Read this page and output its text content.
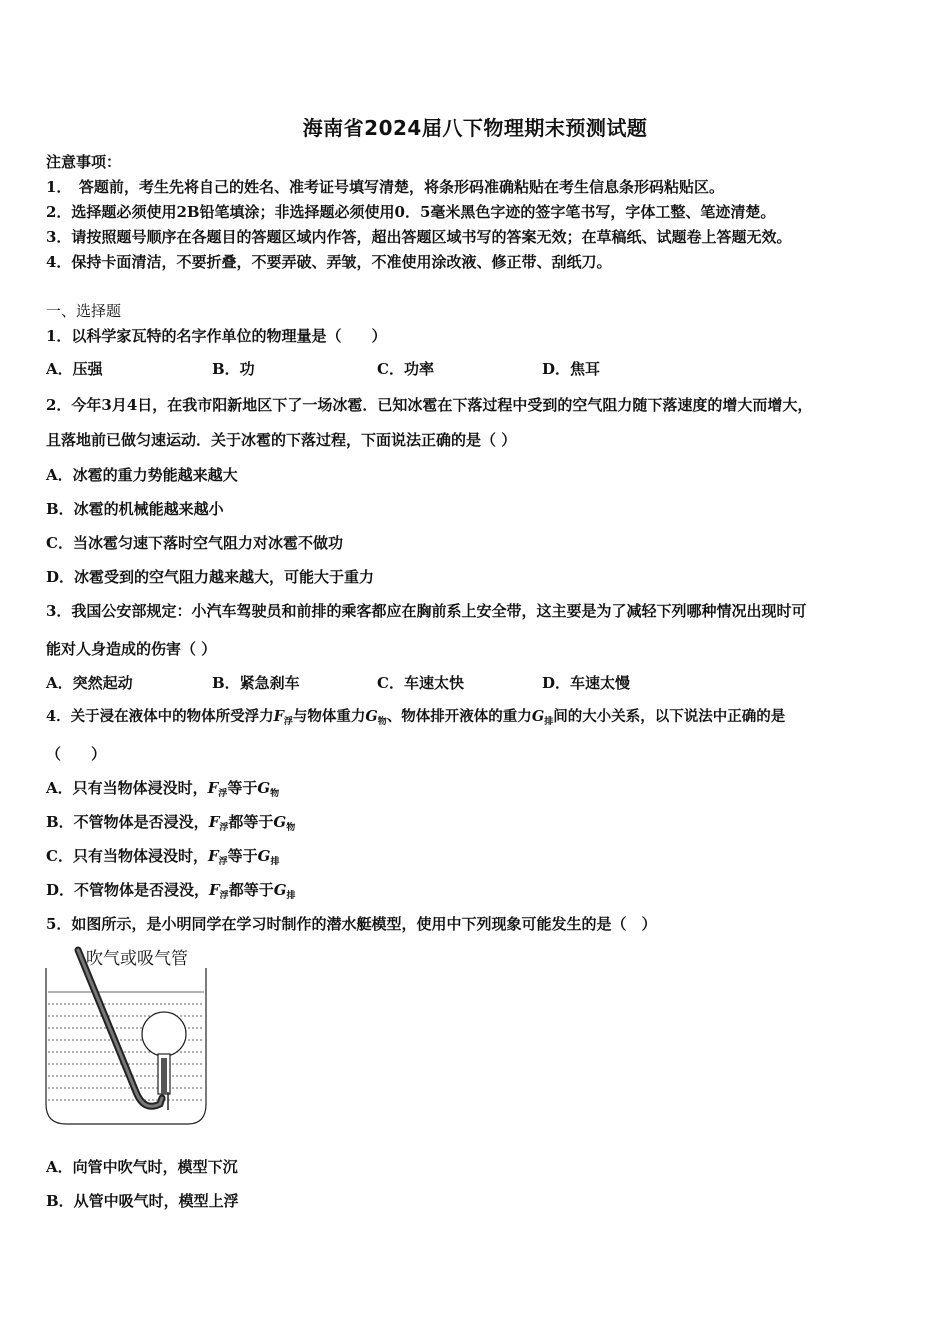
海南省2024届八下物理期末预测试题
注意事项：
1．　答题前，考生先将自己的姓名、准考证号填写清楚，将条形码准确粘贴在考生信息条形码粘贴区。
2．选择题必须使用2B铅笔填涂；非选择题必须使用0．5毫米黑色字迹的签字笔书写，字体工整、笔迹清楚。
3．请按照题号顺序在各题目的答题区域内作答，超出答题区域书写的答案无效；在草稿纸、试题卷上答题无效。
4．保持卡面清洁，不要折叠，不要弄破、弄皱，不准使用涂改液、修正带、刮纸刀。
一、选择题
1．以科学家瓦特的名字作单位的物理量是（　　）
A．压强	B．功	C．功率	D．焦耳
2．今年3月4日，在我市阳新地区下了一场冰雹．已知冰雹在下落过程中受到的空气阻力随下落速度的增大而增大，
且落地前已做匀速运动．关于冰雹的下落过程，下面说法正确的是（ ）
A．冰雹的重力势能越来越大
B．冰雹的机械能越来越小
C．当冰雹匀速下落时空气阻力对冰雹不做功
D．冰雹受到的空气阻力越来越大，可能大于重力
3．我国公安部规定：小汽车驾驶员和前排的乘客都应在胸前系上安全带，这主要是为了减轻下列哪种情况出现时可
能对人身造成的伤害（ ）
A．突然起动	B．紧急刹车	C．车速太快	D．车速太慢
4．关于浸在液体中的物体所受浮力$F_浮$与物体重力$G_物$、物体排开液体的重力$G_排$间的大小关系，以下说法中正确的是
（　　）
A．只有当物体浸没时，$F_浮$等于$G_物$
B．不管物体是否浸没，$F_浮$都等于$G_物$
C．只有当物体浸没时，$F_浮$等于$G_排$
D．不管物体是否浸没，$F_浮$都等于$G_排$
5．如图所示，是小明同学在学习时制作的潜水艇模型，使用中下列现象可能发生的是（　）
吹气或吸气管
A．向管中吹气时，模型下沉
B．从管中吸气时，模型上浮
